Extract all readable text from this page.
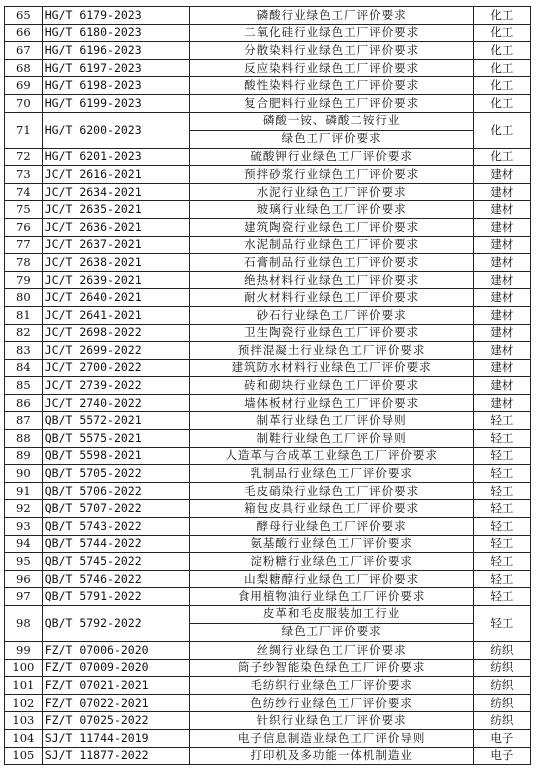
65	HG/T 6179-2023	磷酸行业绿色工厂评价要求	化工
66	HG/T 6180-2023	二氧化硅行业绿色工厂评价要求	化工
67	HG/T 6196-2023	分散染料行业绿色工厂评价要求	化工
68	HG/T 6197-2023	反应染料行业绿色工厂评价要求	化工
69	HG/T 6198-2023	酸性染料行业绿色工厂评价要求	化工
70	HG/T 6199-2023	复合肥料行业绿色工厂评价要求	化工
71	HG/T 6200-2023	磷酸一铵、磷酸二铵行业
绿色工厂评价要求	化工
72	HG/T 6201-2023	硫酸钾行业绿色工厂评价要求	化工
73	JC/T 2616-2021	预拌砂浆行业绿色工厂评价要求	建材
74	JC/T 2634-2021	水泥行业绿色工厂评价要求	建材
75	JC/T 2635-2021	玻璃行业绿色工厂评价要求	建材
76	JC/T 2636-2021	建筑陶瓷行业绿色工厂评价要求	建材
77	JC/T 2637-2021	水泥制品行业绿色工厂评价要求	建材
78	JC/T 2638-2021	石膏制品行业绿色工厂评价要求	建材
79	JC/T 2639-2021	绝热材料行业绿色工厂评价要求	建材
80	JC/T 2640-2021	耐火材料行业绿色工厂评价要求	建材
81	JC/T 2641-2021	砂石行业绿色工厂评价要求	建材
82	JC/T 2698-2022	卫生陶瓷行业绿色工厂评价要求	建材
83	JC/T 2699-2022	预拌混凝土行业绿色工厂评价要求	建材
84	JC/T 2700-2022	建筑防水材料行业绿色工厂评价要求	建材
85	JC/T 2739-2022	砖和砌块行业绿色工厂评价要求	建材
86	JC/T 2740-2022	墙体板材行业绿色工厂评价要求	建材
87	QB/T 5572-2021	制革行业绿色工厂评价导则	轻工
88	QB/T 5575-2021	制鞋行业绿色工厂评价导则	轻工
89	QB/T 5598-2021	人造革与合成革工业绿色工厂评价要求	轻工
90	QB/T 5705-2022	乳制品行业绿色工厂评价要求	轻工
91	QB/T 5706-2022	毛皮硝染行业绿色工厂评价要求	轻工
92	QB/T 5707-2022	箱包皮具行业绿色工厂评价要求	轻工
93	QB/T 5743-2022	酵母行业绿色工厂评价要求	轻工
94	QB/T 5744-2022	氨基酸行业绿色工厂评价要求	轻工
95	QB/T 5745-2022	淀粉糖行业绿色工厂评价要求	轻工
96	QB/T 5746-2022	山梨糖醇行业绿色工厂评价要求	轻工
97	QB/T 5791-2022	食用植物油行业绿色工厂评价要求	轻工
98	QB/T 5792-2022	皮革和毛皮服装加工行业
绿色工厂评价要求	轻工
99	FZ/T 07006-2020	丝绸行业绿色工厂评价要求	纺织
100	FZ/T 07009-2020	筒子纱智能染色绿色工厂评价要求	纺织
101	FZ/T 07021-2021	毛纺织行业绿色工厂评价要求	纺织
102	FZ/T 07022-2021	色纺纱行业绿色工厂评价要求	纺织
103	FZ/T 07025-2022	针织行业绿色工厂评价要求	纺织
104	SJ/T 11744-2019	电子信息制造业绿色工厂评价导则	电子
105	SJ/T 11877-2022	打印机及多功能一体机制造业	电子
